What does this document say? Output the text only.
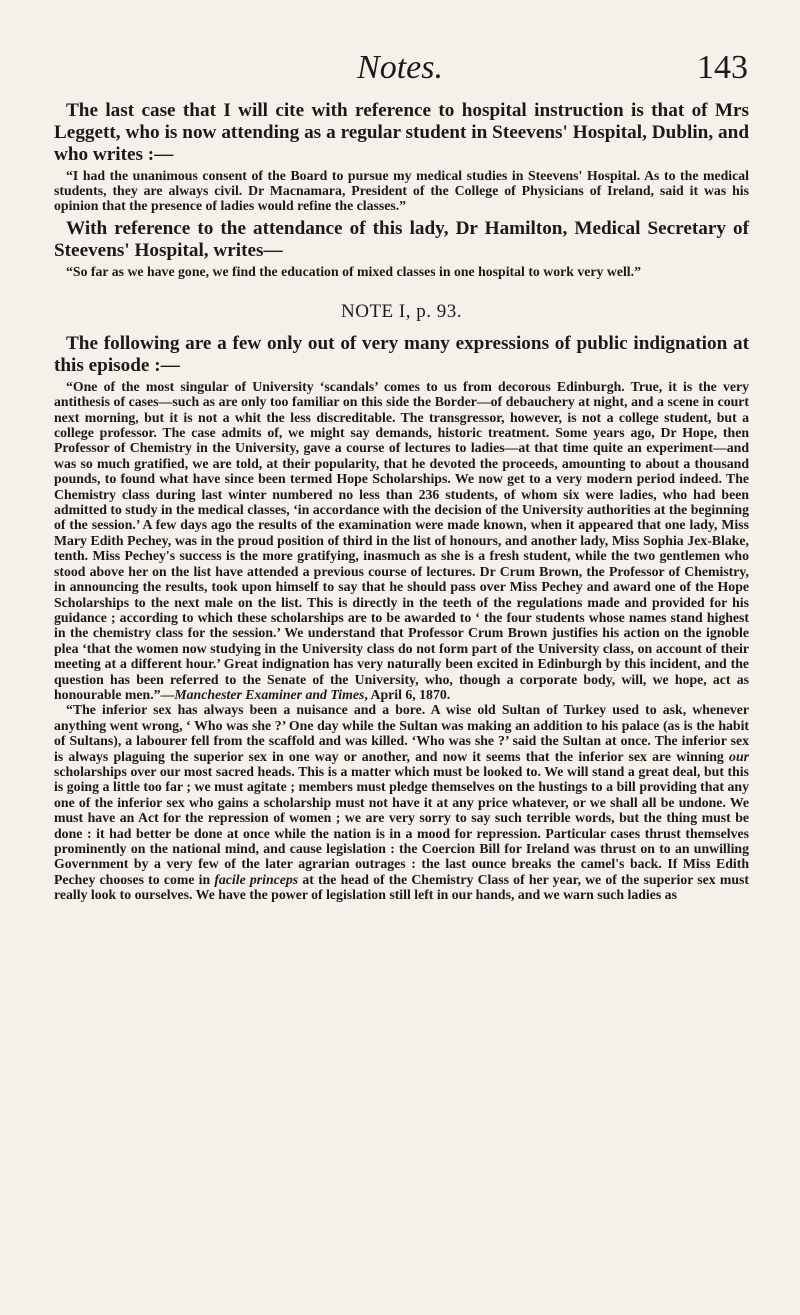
Notes.	143

The last case that I will cite with reference to hospital instruction is that of Mrs Leggett, who is now attending as a regular student in Steevens' Hospital, Dublin, and who writes :—

“I had the unanimous consent of the Board to pursue my medical studies in Steevens' Hospital. As to the medical students, they are always civil. Dr Macnamara, President of the College of Physicians of Ireland, said it was his opinion that the presence of ladies would refine the classes.”

With reference to the attendance of this lady, Dr Hamilton, Medical Secretary of Steevens' Hospital, writes—

“So far as we have gone, we find the education of mixed classes in one hospital to work very well.”

NOTE I, p. 93.

The following are a few only out of very many expressions of public indignation at this episode :—

“One of the most singular of University ‘scandals’ comes to us from decorous Edinburgh. True, it is the very antithesis of cases—such as are only too familiar on this side the Border—of debauchery at night, and a scene in court next morning, but it is not a whit the less discreditable. The transgressor, however, is not a college student, but a college professor. The case admits of, we might say demands, historic treatment. Some years ago, Dr Hope, then Professor of Chemistry in the University, gave a course of lectures to ladies—at that time quite an experiment—and was so much gratified, we are told, at their popularity, that he devoted the proceeds, amounting to about a thousand pounds, to found what have since been termed Hope Scholarships. We now get to a very modern period indeed. The Chemistry class during last winter numbered no less than 236 students, of whom six were ladies, who had been admitted to study in the medical classes, ‘in accordance with the decision of the University authorities at the beginning of the session.’ A few days ago the results of the examination were made known, when it appeared that one lady, Miss Mary Edith Pechey, was in the proud position of third in the list of honours, and another lady, Miss Sophia Jex-Blake, tenth. Miss Pechey's success is the more gratifying, inasmuch as she is a fresh student, while the two gentlemen who stood above her on the list have attended a previous course of lectures. Dr Crum Brown, the Professor of Chemistry, in announcing the results, took upon himself to say that he should pass over Miss Pechey and award one of the Hope Scholarships to the next male on the list. This is directly in the teeth of the regulations made and provided for his guidance ; according to which these scholarships are to be awarded to ‘ the four students whose names stand highest in the chemistry class for the session.’ We understand that Professor Crum Brown justifies his action on the ignoble plea ‘that the women now studying in the University class do not form part of the University class, on account of their meeting at a different hour.’ Great indignation has very naturally been excited in Edinburgh by this incident, and the question has been referred to the Senate of the University, who, though a corporate body, will, we hope, act as honourable men.”—Manchester Examiner and Times, April 6, 1870.

“The inferior sex has always been a nuisance and a bore. A wise old Sultan of Turkey used to ask, whenever anything went wrong, ‘ Who was she ?’ One day while the Sultan was making an addition to his palace (as is the habit of Sultans), a labourer fell from the scaffold and was killed. ‘Who was she ?’ said the Sultan at once. The inferior sex is always plaguing the superior sex in one way or another, and now it seems that the inferior sex are winning our scholarships over our most sacred heads. This is a matter which must be looked to. We will stand a great deal, but this is going a little too far ; we must agitate ; members must pledge themselves on the hustings to a bill providing that any one of the inferior sex who gains a scholarship must not have it at any price whatever, or we shall all be undone. We must have an Act for the repression of women ; we are very sorry to say such terrible words, but the thing must be done : it had better be done at once while the nation is in a mood for repression. Particular cases thrust themselves prominently on the national mind, and cause legislation : the Coercion Bill for Ireland was thrust on to an unwilling Government by a very few of the later agrarian outrages : the last ounce breaks the camel's back. If Miss Edith Pechey chooses to come in facile princeps at the head of the Chemistry Class of her year, we of the superior sex must really look to ourselves. We have the power of legislation still left in our hands, and we warn such ladies as
